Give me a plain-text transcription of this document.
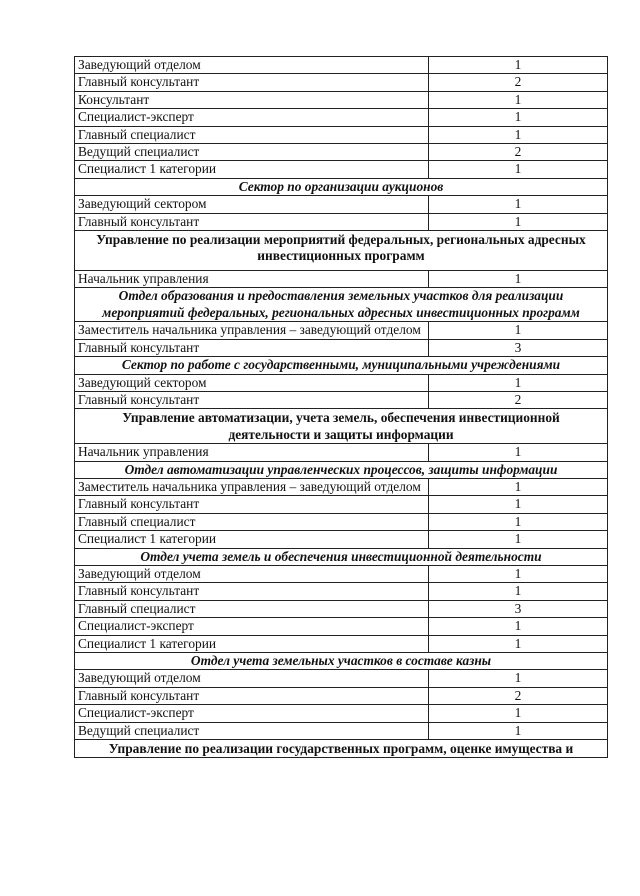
Заведующий отделом	1
Главный консультант	2
Консультант	1
Специалист-эксперт	1
Главный специалист	1
Ведущий специалист	2
Специалист 1 категории	1
Сектор по организации аукционов	
Заведующий сектором	1
Главный консультант	1
Управление по реализации мероприятий федеральных, региональных адресных инвестиционных программ	
Начальник управления	1
Отдел образования и предоставления земельных участков для реализации мероприятий федеральных, региональных адресных инвестиционных программ	
Заместитель начальника управления – заведующий отделом	1
Главный консультант	3
Сектор по работе с государственными, муниципальными учреждениями	
Заведующий сектором	1
Главный консультант	2
Управление автоматизации, учета земель, обеспечения инвестиционной деятельности и защиты информации	
Начальник управления	1
Отдел автоматизации управленческих процессов, защиты информации	
Заместитель начальника управления – заведующий отделом	1
Главный консультант	1
Главный специалист	1
Специалист 1 категории	1
Отдел учета земель и обеспечения инвестиционной деятельности	
Заведующий отделом	1
Главный консультант	1
Главный специалист	3
Специалист-эксперт	1
Специалист 1 категории	1
Отдел учета земельных участков в составе казны	
Заведующий отделом	1
Главный консультант	2
Специалист-эксперт	1
Ведущий специалист	1
Управление по реализации государственных программ, оценке имущества и	
